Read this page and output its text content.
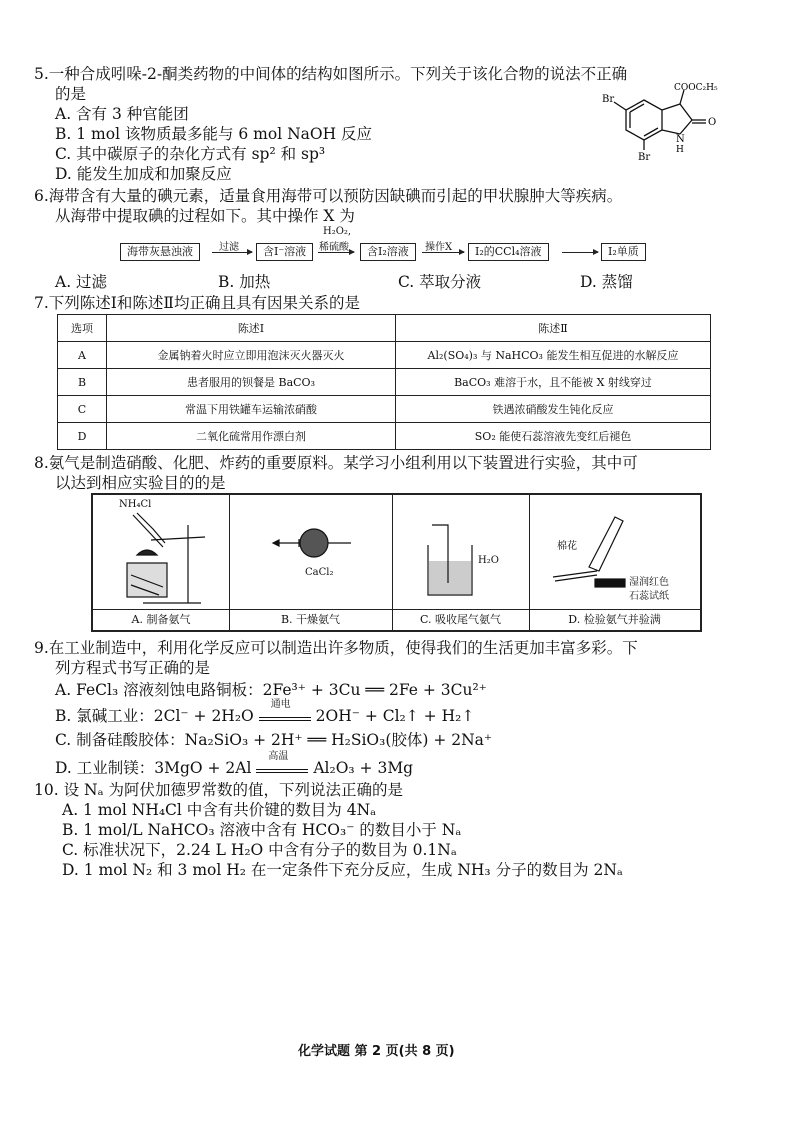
5.一种合成吲哚-2-酮类药物的中间体的结构如图所示。下列关于该化合物的说法不正确
的是
A. 含有 3 种官能团
B. 1 mol 该物质最多能与 6 mol NaOH 反应
C. 其中碳原子的杂化方式有 sp² 和 sp³
D. 能发生加成和加聚反应
Br
Br
COOC₂H₅
N
H
O
6.海带含有大量的碘元素，适量食用海带可以预防因缺碘而引起的甲状腺肿大等疾病。
从海带中提取碘的过程如下。其中操作 X 为
海带灰悬浊液	过滤	含I⁻溶液
H₂O₂,
稀硫酸	含I₂溶液	操作X	I₂的CCl₄溶液	I₂单质
A. 过滤	B. 加热	C. 萃取分液	D. 蒸馏
7.下列陈述Ⅰ和陈述Ⅱ均正确且具有因果关系的是
选项	陈述Ⅰ	陈述Ⅱ
A	金属钠着火时应立即用泡沫灭火器灭火	Al₂(SO₄)₃ 与 NaHCO₃ 能发生相互促进的水解反应
B	患者服用的钡餐是 BaCO₃	BaCO₃ 难溶于水，且不能被 X 射线穿过
C	常温下用铁罐车运输浓硝酸	铁遇浓硝酸发生钝化反应
D	二氧化硫常用作漂白剂	SO₂ 能使石蕊溶液先变红后褪色
8.氨气是制造硝酸、化肥、炸药的重要原料。某学习小组利用以下装置进行实验，其中可
以达到相应实验目的的是
NH₄Cl
A. 制备氨气
CaCl₂
B. 干燥氨气
H₂O
C. 吸收尾气氨气
棉花
湿润红色
石蕊试纸
D. 检验氨气并验满
9.在工业制造中，利用化学反应可以制造出许多物质，使得我们的生活更加丰富多彩。下
列方程式书写正确的是
A. FeCl₃ 溶液刻蚀电路铜板：2Fe³⁺ + 3Cu ══ 2Fe + 3Cu²⁺
B. 氯碱工业：2Cl⁻ + 2H₂O
通电
2OH⁻ + Cl₂↑ + H₂↑
C. 制备硅酸胶体：Na₂SiO₃ + 2H⁺ ══ H₂SiO₃(胶体) + 2Na⁺
D. 工业制镁：3MgO + 2Al
高温
Al₂O₃ + 3Mg
10. 设 Nₐ 为阿伏加德罗常数的值，下列说法正确的是
A. 1 mol NH₄Cl 中含有共价键的数目为 4Nₐ
B. 1 mol/L NaHCO₃ 溶液中含有 HCO₃⁻ 的数目小于 Nₐ
C. 标准状况下，2.24 L H₂O 中含有分子的数目为 0.1Nₐ
D. 1 mol N₂ 和 3 mol H₂ 在一定条件下充分反应，生成 NH₃ 分子的数目为 2Nₐ
化学试题 第 2 页(共 8 页)
